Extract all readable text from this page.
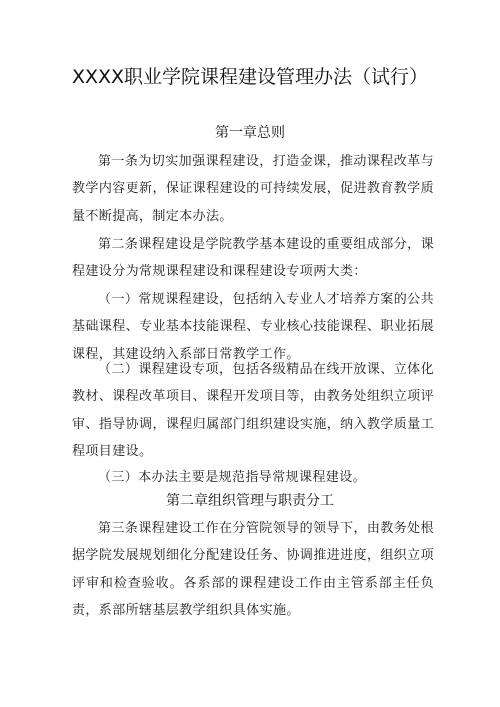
XXXX职业学院课程建设管理办法（试行）
第一章总则

第一条为切实加强课程建设，打造金课，推动课程改革与教学内容更新，保证课程建设的可持续发展，促进教育教学质量不断提高，制定本办法。

第二条课程建设是学院教学基本建设的重要组成部分，课程建设分为常规课程建设和课程建设专项两大类：

（一）常规课程建设，包括纳入专业人才培养方案的公共基础课程、专业基本技能课程、专业核心技能课程、职业拓展课程，其建设纳入系部日常教学工作。

（二）课程建设专项，包括各级精品在线开放课、立体化教材、课程改革项目、课程开发项目等，由教务处组织立项评审、指导协调，课程归属部门组织建设实施，纳入教学质量工程项目建设。

（三）本办法主要是规范指导常规课程建设。

第二章组织管理与职责分工

第三条课程建设工作在分管院领导的领导下，由教务处根据学院发展规划细化分配建设任务、协调推进进度，组织立项评审和检查验收。各系部的课程建设工作由主管系部主任负责，系部所辖基层教学组织具体实施。
